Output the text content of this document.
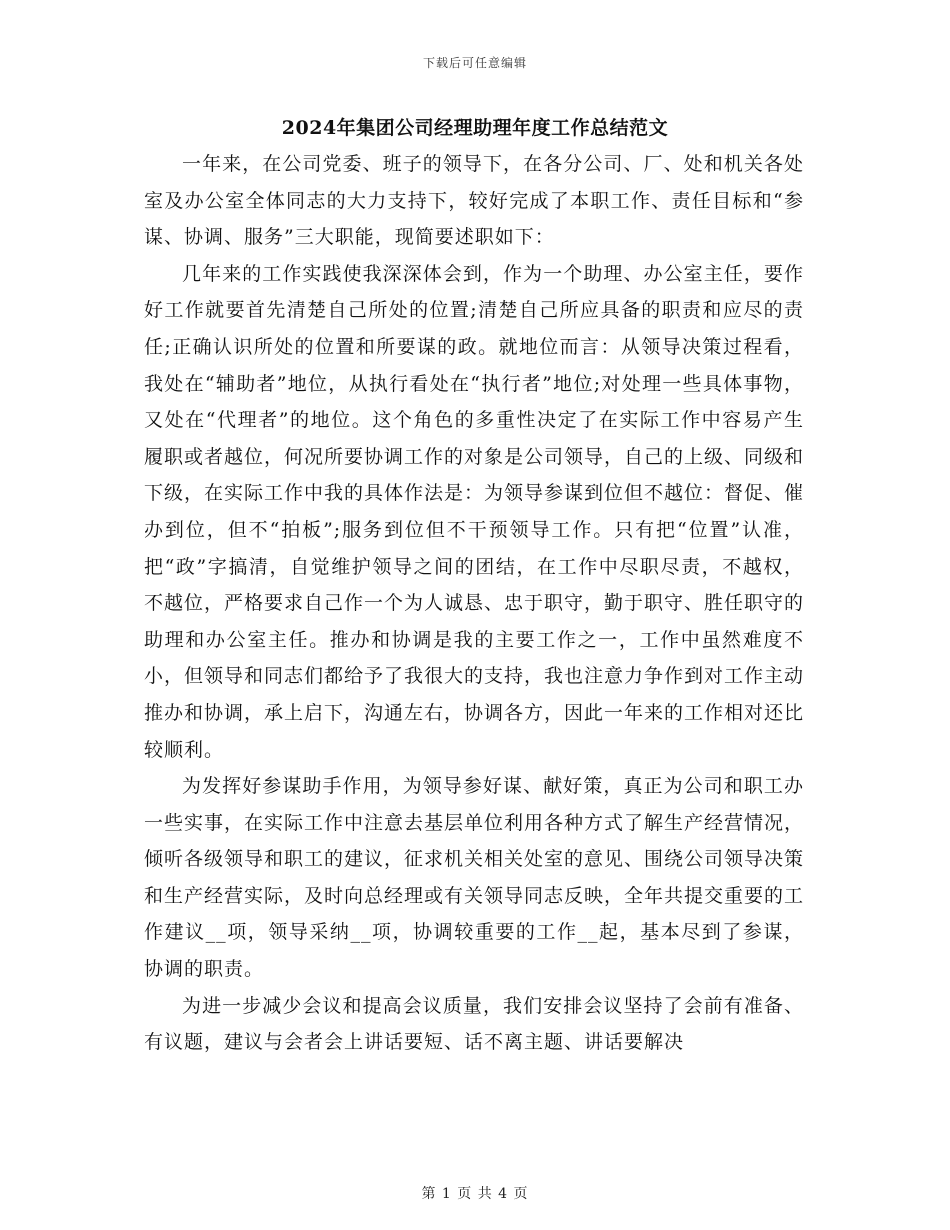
下载后可任意编辑
2024年集团公司经理助理年度工作总结范文

一年来，在公司党委、班子的领导下，在各分公司、厂、处和机关各处室及办公室全体同志的大力支持下，较好完成了本职工作、责任目标和“参谋、协调、服务”三大职能，现简要述职如下：

几年来的工作实践使我深深体会到，作为一个助理、办公室主任，要作好工作就要首先清楚自己所处的位置;清楚自己所应具备的职责和应尽的责任;正确认识所处的位置和所要谋的政。就地位而言：从领导决策过程看，我处在“辅助者”地位，从执行看处在“执行者”地位;对处理一些具体事物，又处在“代理者”的地位。这个角色的多重性决定了在实际工作中容易产生履职或者越位，何况所要协调工作的对象是公司领导，自己的上级、同级和下级，在实际工作中我的具体作法是：为领导参谋到位但不越位：督促、催办到位，但不“拍板”;服务到位但不干预领导工作。只有把“位置”认准，把“政”字搞清，自觉维护领导之间的团结，在工作中尽职尽责，不越权，不越位，严格要求自己作一个为人诚恳、忠于职守，勤于职守、胜任职守的助理和办公室主任。推办和协调是我的主要工作之一，工作中虽然难度不小，但领导和同志们都给予了我很大的支持，我也注意力争作到对工作主动推办和协调，承上启下，沟通左右，协调各方，因此一年来的工作相对还比较顺利。

为发挥好参谋助手作用，为领导参好谋、献好策，真正为公司和职工办一些实事，在实际工作中注意去基层单位利用各种方式了解生产经营情况，倾听各级领导和职工的建议，征求机关相关处室的意见、围绕公司领导决策和生产经营实际，及时向总经理或有关领导同志反映，全年共提交重要的工作建议__项，领导采纳__项，协调较重要的工作__起，基本尽到了参谋，协调的职责。

为进一步减少会议和提高会议质量，我们安排会议坚持了会前有准备、有议题，建议与会者会上讲话要短、话不离主题、讲话要解决

第 1 页 共 4 页
